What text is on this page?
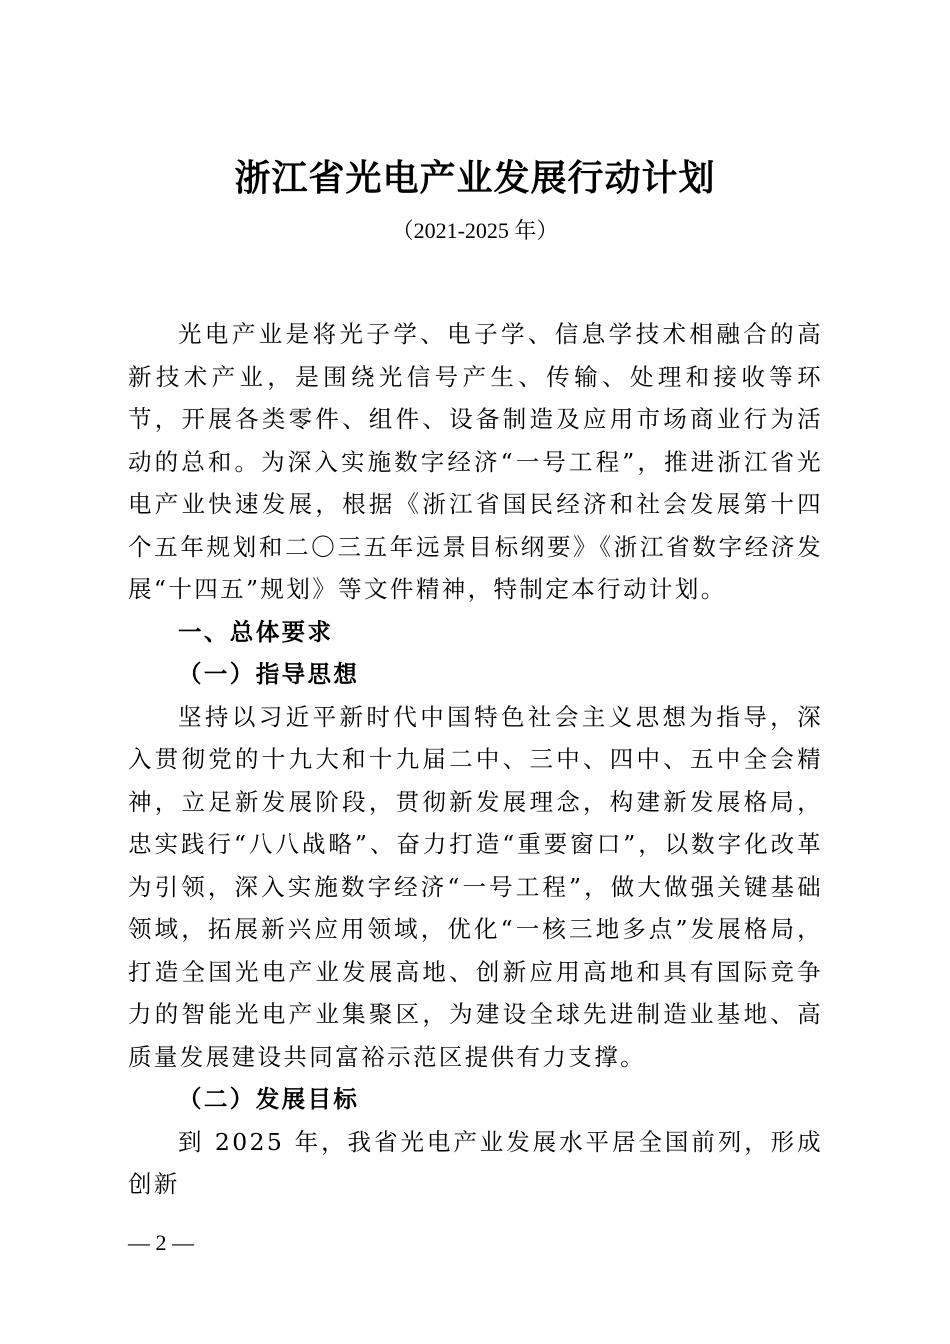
浙江省光电产业发展行动计划
（2021-2025 年）

光电产业是将光子学、电子学、信息学技术相融合的高新技术产业，是围绕光信号产生、传输、处理和接收等环节，开展各类零件、组件、设备制造及应用市场商业行为活动的总和。为深入实施数字经济“一号工程”，推进浙江省光电产业快速发展，根据《浙江省国民经济和社会发展第十四个五年规划和二〇三五年远景目标纲要》《浙江省数字经济发展“十四五”规划》等文件精神，特制定本行动计划。

一、总体要求

（一）指导思想

坚持以习近平新时代中国特色社会主义思想为指导，深入贯彻党的十九大和十九届二中、三中、四中、五中全会精神，立足新发展阶段，贯彻新发展理念，构建新发展格局，忠实践行“八八战略”、奋力打造“重要窗口”，以数字化改革为引领，深入实施数字经济“一号工程”，做大做强关键基础领域，拓展新兴应用领域，优化“一核三地多点”发展格局，打造全国光电产业发展高地、创新应用高地和具有国际竞争力的智能光电产业集聚区，为建设全球先进制造业基地、高质量发展建设共同富裕示范区提供有力支撑。

（二）发展目标

到 2025 年，我省光电产业发展水平居全国前列，形成创新

— 2 —
